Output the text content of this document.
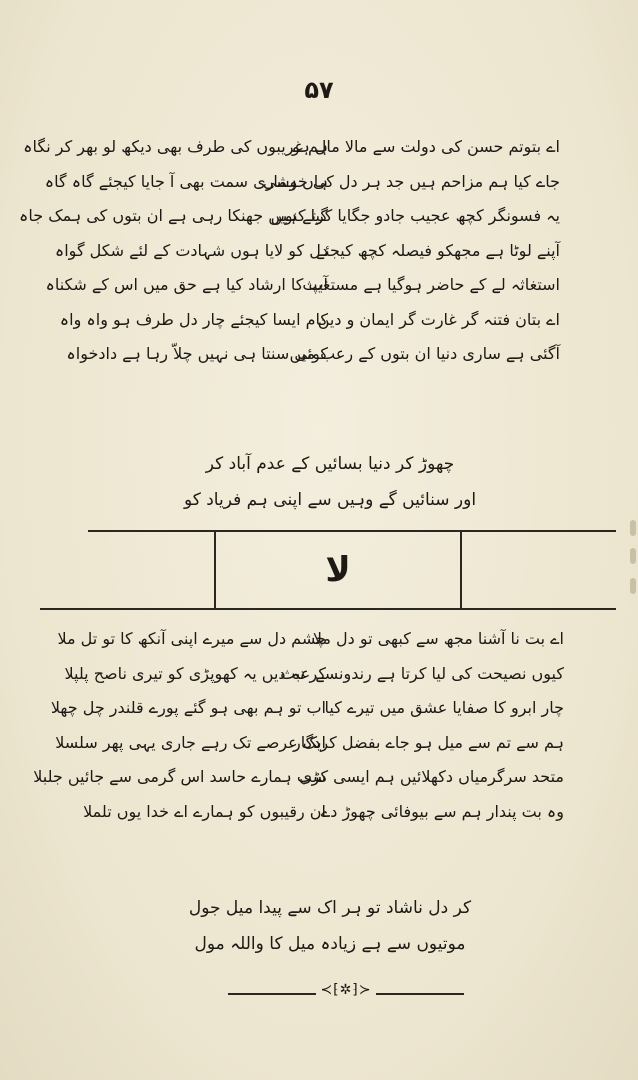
۵۷
اے بتوتم حسن کی دولت سے مالا مال ہو
جاے کیا ہم مزاحم ہیں جد ہر دل کی خوشی
یہ فسونگر کچھ عجیب جادو جگایا کرتے ہیں
آپنے لوٹا ہے مجھکو فیصلہ کچھ کیجئے
استغاثہ لے کے حاضر ہوگیا ہے مستغیث
اے بتان فتنہ گر غارت گر ایمان و دین
آگئی ہے ساری دنیا ان بتوں کے رعب میں
ہم غریبوں کی طرف بھی دیکھ لو بھر کر نگاہ
ہاں ہماری سمت بھی آ جایا کیجئے گاہ گاہ
گیا کنویں جھنکا رہی ہے ان بتوں کی ہمک جاہ
دل کو لایا ہوں شہادت کے لئے شکل گواہ
آپ کا ارشاد کیا ہے حق میں اس کے شکناہ
کام ایسا کیجئے چار دل طرف ہو واہ واہ
کوئی سنتا ہی نہیں چلاّ رہا ہے دادخواہ
چھوڑ کر دنیا بسائیں کے عدم آباد کر
اور سنائیں گے وہیں سے اپنی ہم فریاد کو
لا
اے بت نا آشنا مجھ سے کبھی تو دل ملا
کیوں نصیحت کی لیا کرتا ہے رندونسے عبث
چار ابرو کا صفایا عشق میں تیرے کیا
ہم سے تم سے میل ہو جاے بفضل کردگار
متحد سرگرمیاں دکھلائیں ہم ایسی کڑی
وہ بت پندار ہم سے بیوفائی چھوڑ دے
چشم دل سے میرے اپنی آنکھ کا تو تل ملا
کر نہ دیں یہ کھوپڑی کو تیری ناصح پلپلا
اب تو ہم بھی ہو گئے پورے قلندر چل چھلا
ایک عرصے تک رہے جاری یہی پھر سلسلا
سب ہمارے حاسد اس گرمی سے جائیں جلبلا
ان رقیبوں کو ہمارے اے خدا یوں تلملا
کر دل ناشاد تو ہر اک سے پیدا میل جول
موتیوں سے ہے زیادہ میل کا واللہ مول
≺⁅✲⁆≻
